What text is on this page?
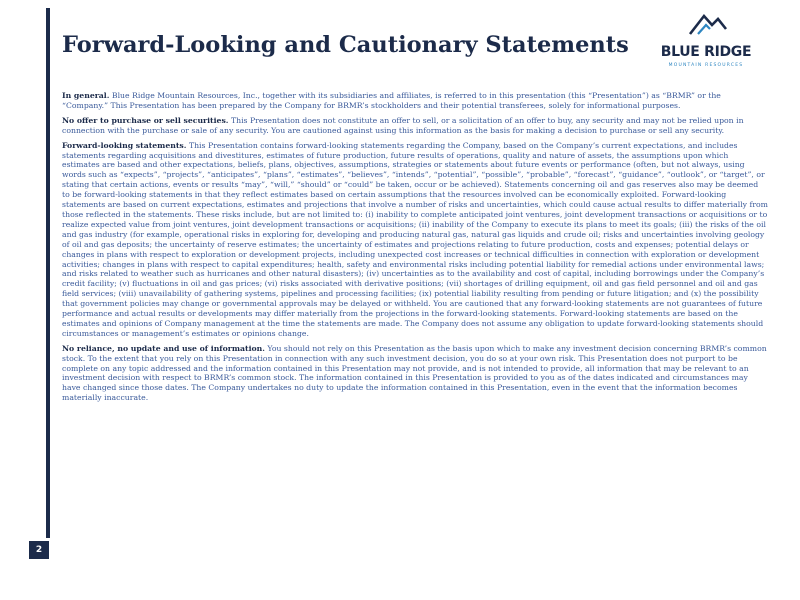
Forward-Looking and Cautionary Statements	BLUE RIDGE
MOUNTAIN RESOURCES

In general. Blue Ridge Mountain Resources, Inc., together with its subsidiaries and affiliates, is referred to in this presentation (this “Presentation”) as “BRMR” or the “Company.” This Presentation has been prepared by the Company for BRMR’s stockholders and their potential transferees, solely for informational purposes.

No offer to purchase or sell securities. This Presentation does not constitute an offer to sell, or a solicitation of an offer to buy, any security and may not be relied upon in connection with the purchase or sale of any security. You are cautioned against using this information as the basis for making a decision to purchase or sell any security.

Forward-looking statements. This Presentation contains forward-looking statements regarding the Company, based on the Company’s current expectations, and includes statements regarding acquisitions and divestitures, estimates of future production, future results of operations, quality and nature of assets, the assumptions upon which estimates are based and other expectations, beliefs, plans, objectives, assumptions, strategies or statements about future events or performance (often, but not always, using words such as “expects”, “projects”, “anticipates”, “plans”, “estimates”, “believes”, “intends”, “potential”, “possible”, “probable”, “forecast”, “guidance”, “outlook”, or “target”, or stating that certain actions, events or results “may”, “will,” “should” or “could” be taken, occur or be achieved). Statements concerning oil and gas reserves also may be deemed to be forward-looking statements in that they reflect estimates based on certain assumptions that the resources involved can be economically exploited. Forward-looking statements are based on current expectations, estimates and projections that involve a number of risks and uncertainties, which could cause actual results to differ materially from those reflected in the statements. These risks include, but are not limited to: (i) inability to complete anticipated joint ventures, joint development transactions or acquisitions or to realize expected value from joint ventures, joint development transactions or acquisitions; (ii) inability of the Company to execute its plans to meet its goals; (iii) the risks of the oil and gas industry (for example, operational risks in exploring for, developing and producing natural gas, natural gas liquids and crude oil; risks and uncertainties involving geology of oil and gas deposits; the uncertainty of reserve estimates; the uncertainty of estimates and projections relating to future production, costs and expenses; potential delays or changes in plans with respect to exploration or development projects, including unexpected cost increases or technical difficulties in connection with exploration or development activities; changes in plans with respect to capital expenditures; health, safety and environmental risks including potential liability for remedial actions under environmental laws; and risks related to weather such as hurricanes and other natural disasters); (iv) uncertainties as to the availability and cost of capital, including borrowings under the Company’s credit facility; (v) fluctuations in oil and gas prices; (vi) risks associated with derivative positions; (vii) shortages of drilling equipment, oil and gas field personnel and oil and gas field services; (viii) unavailability of gathering systems, pipelines and processing facilities; (ix) potential liability resulting from pending or future litigation; and (x) the possibility that government policies may change or governmental approvals may be delayed or withheld. You are cautioned that any forward-looking statements are not guarantees of future performance and actual results or developments may differ materially from the projections in the forward-looking statements. Forward-looking statements are based on the estimates and opinions of Company management at the time the statements are made. The Company does not assume any obligation to update forward-looking statements should circumstances or management’s estimates or opinions change.

No reliance, no update and use of information. You should not rely on this Presentation as the basis upon which to make any investment decision concerning BRMR’s common stock. To the extent that you rely on this Presentation in connection with any such investment decision, you do so at your own risk. This Presentation does not purport to be complete on any topic addressed and the information contained in this Presentation may not provide, and is not intended to provide, all information that may be relevant to an investment decision with respect to BRMR’s common stock. The information contained in this Presentation is provided to you as of the dates indicated and circumstances may have changed since those dates. The Company undertakes no duty to update the information contained in this Presentation, even in the event that the information becomes materially inaccurate.

2
